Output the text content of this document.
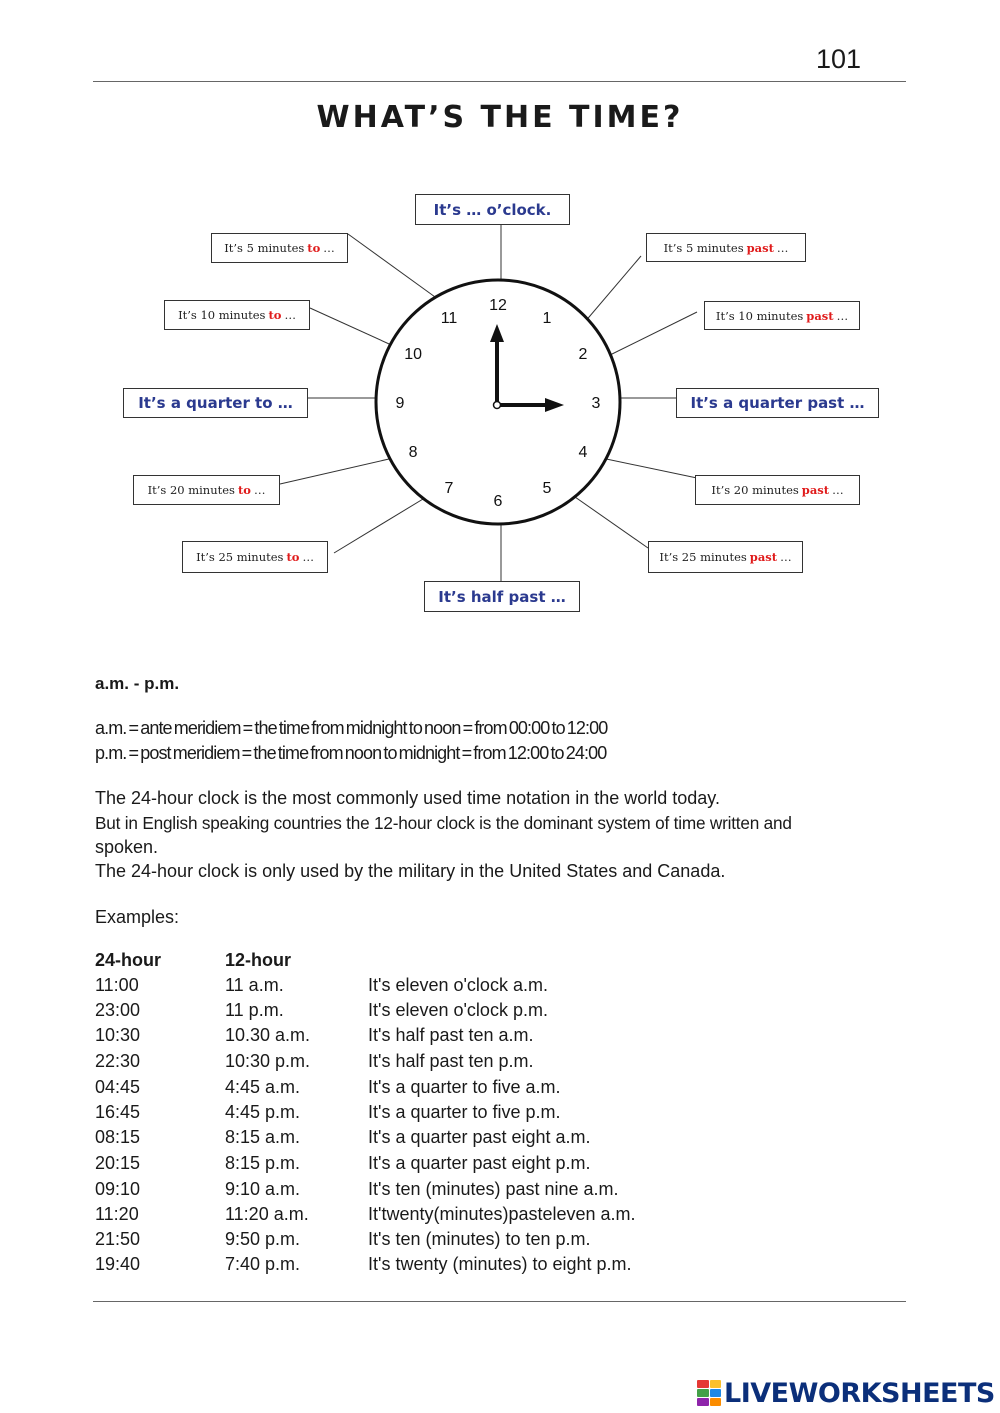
101
WHAT’S THE TIME?
12
1
2
3
4
5
6
7
8
9
10
11
It’s … o’clock.
It’s 5 minutes past …
It’s 10 minutes past …
It’s a quarter past …
It’s 20 minutes past …
It’s 25 minutes past …
It’s half past …
It’s 25 minutes to …
It’s 20 minutes to …
It’s a quarter to …
It’s 10 minutes to …
It’s 5 minutes to …
a.m. - p.m.
a.m. = ante meridiem = the time from midnight to noon = from 00:00 to 12:00
p.m. = post meridiem = the time from noon to midnight = from 12:00 to 24:00
The 24-hour clock is the most commonly used time notation in the world today.
But in English speaking countries the 12-hour clock is the dominant system of time written and
spoken.
The 24-hour clock is only used by the military in the United States and Canada.
Examples:
24-hour	12-hour
11:00	11 a.m.	It's eleven o'clock a.m.
23:00	11 p.m.	It's eleven o'clock p.m.
10:30	10.30 a.m.	It's half past ten a.m.
22:30	10:30 p.m.	It's half past ten p.m.
04:45	4:45 a.m.	It's a quarter to five a.m.
16:45	4:45 p.m.	It's a quarter to five p.m.
08:15	8:15 a.m.	It's a quarter past eight a.m.
20:15	8:15 p.m.	It's a quarter past eight p.m.
09:10	9:10 a.m.	It's ten (minutes) past nine a.m.
11:20	11:20 a.m.	It'twenty(minutes)pasteleven a.m.
21:50	9:50 p.m.	It's ten (minutes) to ten p.m.
19:40	7:40 p.m.	It's twenty (minutes) to eight p.m.
LIVEWORKSHEETS
